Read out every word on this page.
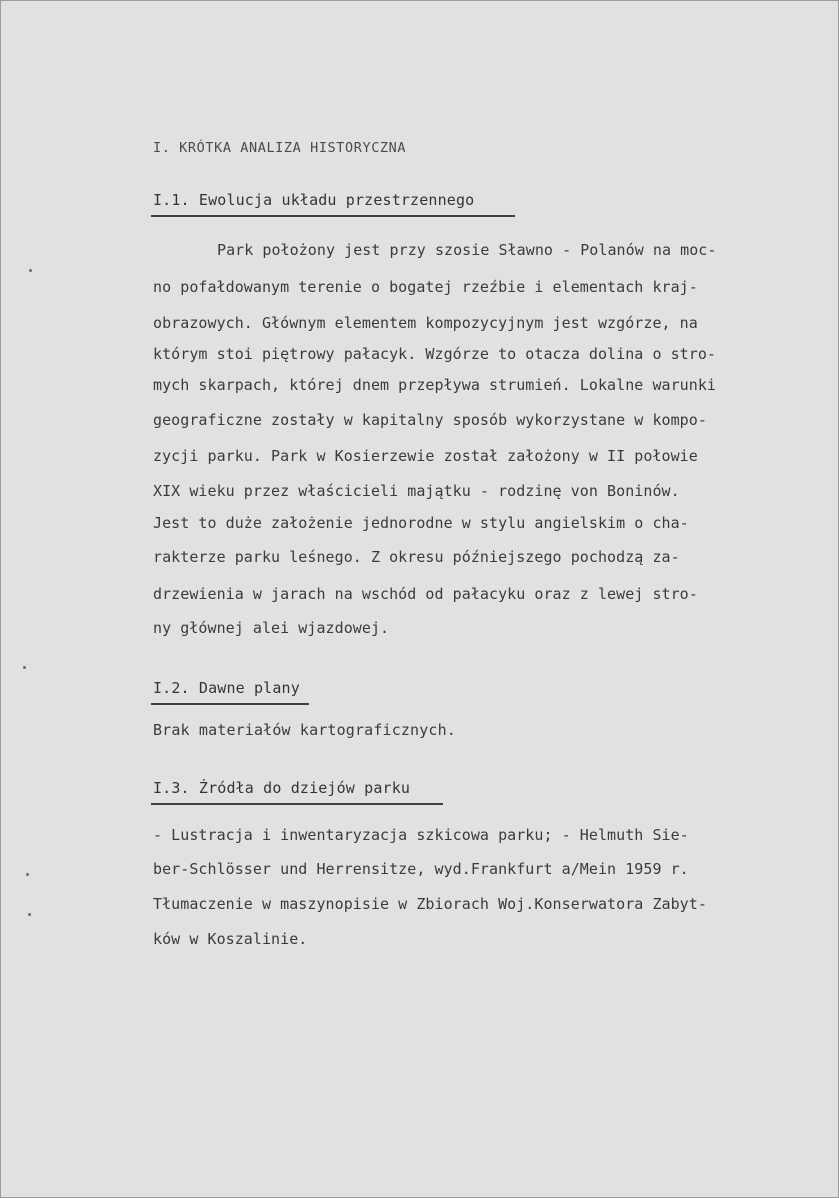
I. KRÓTKA ANALIZA HISTORYCZNA
I.1. Ewolucja układu przestrzennego
Park położony jest przy szosie Sławno - Polanów na moc-
no pofałdowanym terenie o bogatej rzeźbie i elementach kraj-
obrazowych. Głównym elementem kompozycyjnym jest wzgórze, na
którym stoi piętrowy pałacyk. Wzgórze to otacza dolina o stro-
mych skarpach, której dnem przepływa strumień. Lokalne warunki
geograficzne zostały w kapitalny sposób wykorzystane w kompo-
zycji parku. Park w Kosierzewie został założony w II połowie
XIX wieku przez właścicieli majątku - rodzinę von Boninów.
Jest to duże założenie jednorodne w stylu angielskim o cha-
rakterze parku leśnego. Z okresu późniejszego pochodzą za-
drzewienia w jarach na wschód od pałacyku oraz z lewej stro-
ny głównej alei wjazdowej.
I.2. Dawne plany
Brak materiałów kartograficznych.
I.3. Źródła do dziejów parku
- Lustracja i inwentaryzacja szkicowa parku; - Helmuth Sie-
ber-Schlösser und Herrensitze, wyd.Frankfurt a/Mein 1959 r.
Tłumaczenie w maszynopisie w Zbiorach Woj.Konserwatora Zabyt-
ków w Koszalinie.
